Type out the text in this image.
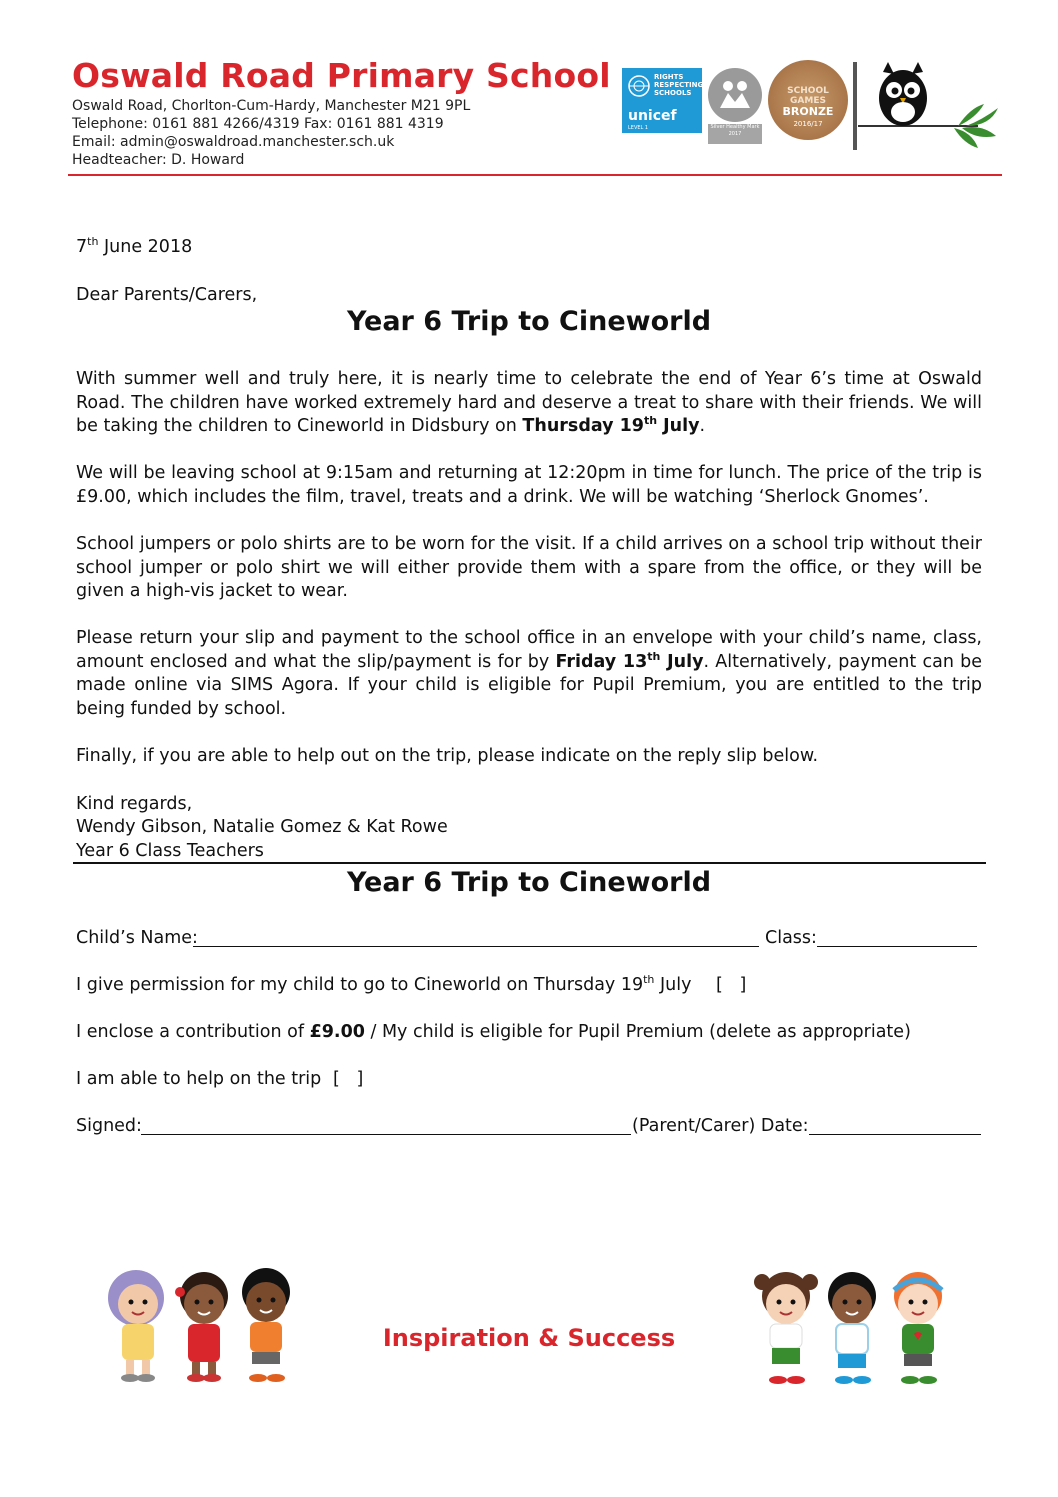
Oswald Road Primary School
Oswald Road, Chorlton-Cum-Hardy, Manchester M21 9PL
Telephone: 0161 881 4266/4319 Fax: 0161 881 4319
Email: admin@oswaldroad.manchester.sch.uk
Headteacher: D. Howard
RIGHTS RESPECTING SCHOOLS
unicef
LEVEL 1	Silver Healthy Mark 2017
SCHOOL GAMES
BRONZE
2016/17
7th June 2018
Dear Parents/Carers,
Year 6 Trip to Cineworld
With summer well and truly here, it is nearly time to celebrate the end of Year 6’s time at Oswald Road. The children have worked extremely hard and deserve a treat to share with their friends. We will be taking the children to Cineworld in Didsbury on Thursday 19th July.
We will be leaving school at 9:15am and returning at 12:20pm in time for lunch. The price of the trip is £9.00, which includes the film, travel, treats and a drink. We will be watching ‘Sherlock Gnomes’.
School jumpers or polo shirts are to be worn for the visit. If a child arrives on a school trip without their school jumper or polo shirt we will either provide them with a spare from the office, or they will be given a high-vis jacket to wear.
Please return your slip and payment to the school office in an envelope with your child’s name, class, amount enclosed and what the slip/payment is for by Friday 13th July. Alternatively, payment can be made online via SIMS Agora. If your child is eligible for Pupil Premium, you are entitled to the trip being funded by school.
Finally, if you are able to help out on the trip, please indicate on the reply slip below.
Kind regards,
Wendy Gibson, Natalie Gomez & Kat Rowe
Year 6 Class Teachers
Year 6 Trip to Cineworld
Child’s Name:	Class:
I give permission for my child to go to Cineworld on Thursday 19th July [   ]
I enclose a contribution of £9.00 / My child is eligible for Pupil Premium (delete as appropriate)
I am able to help on the trip [   ]
Signed:	(Parent/Carer) Date:
Inspiration & Success
